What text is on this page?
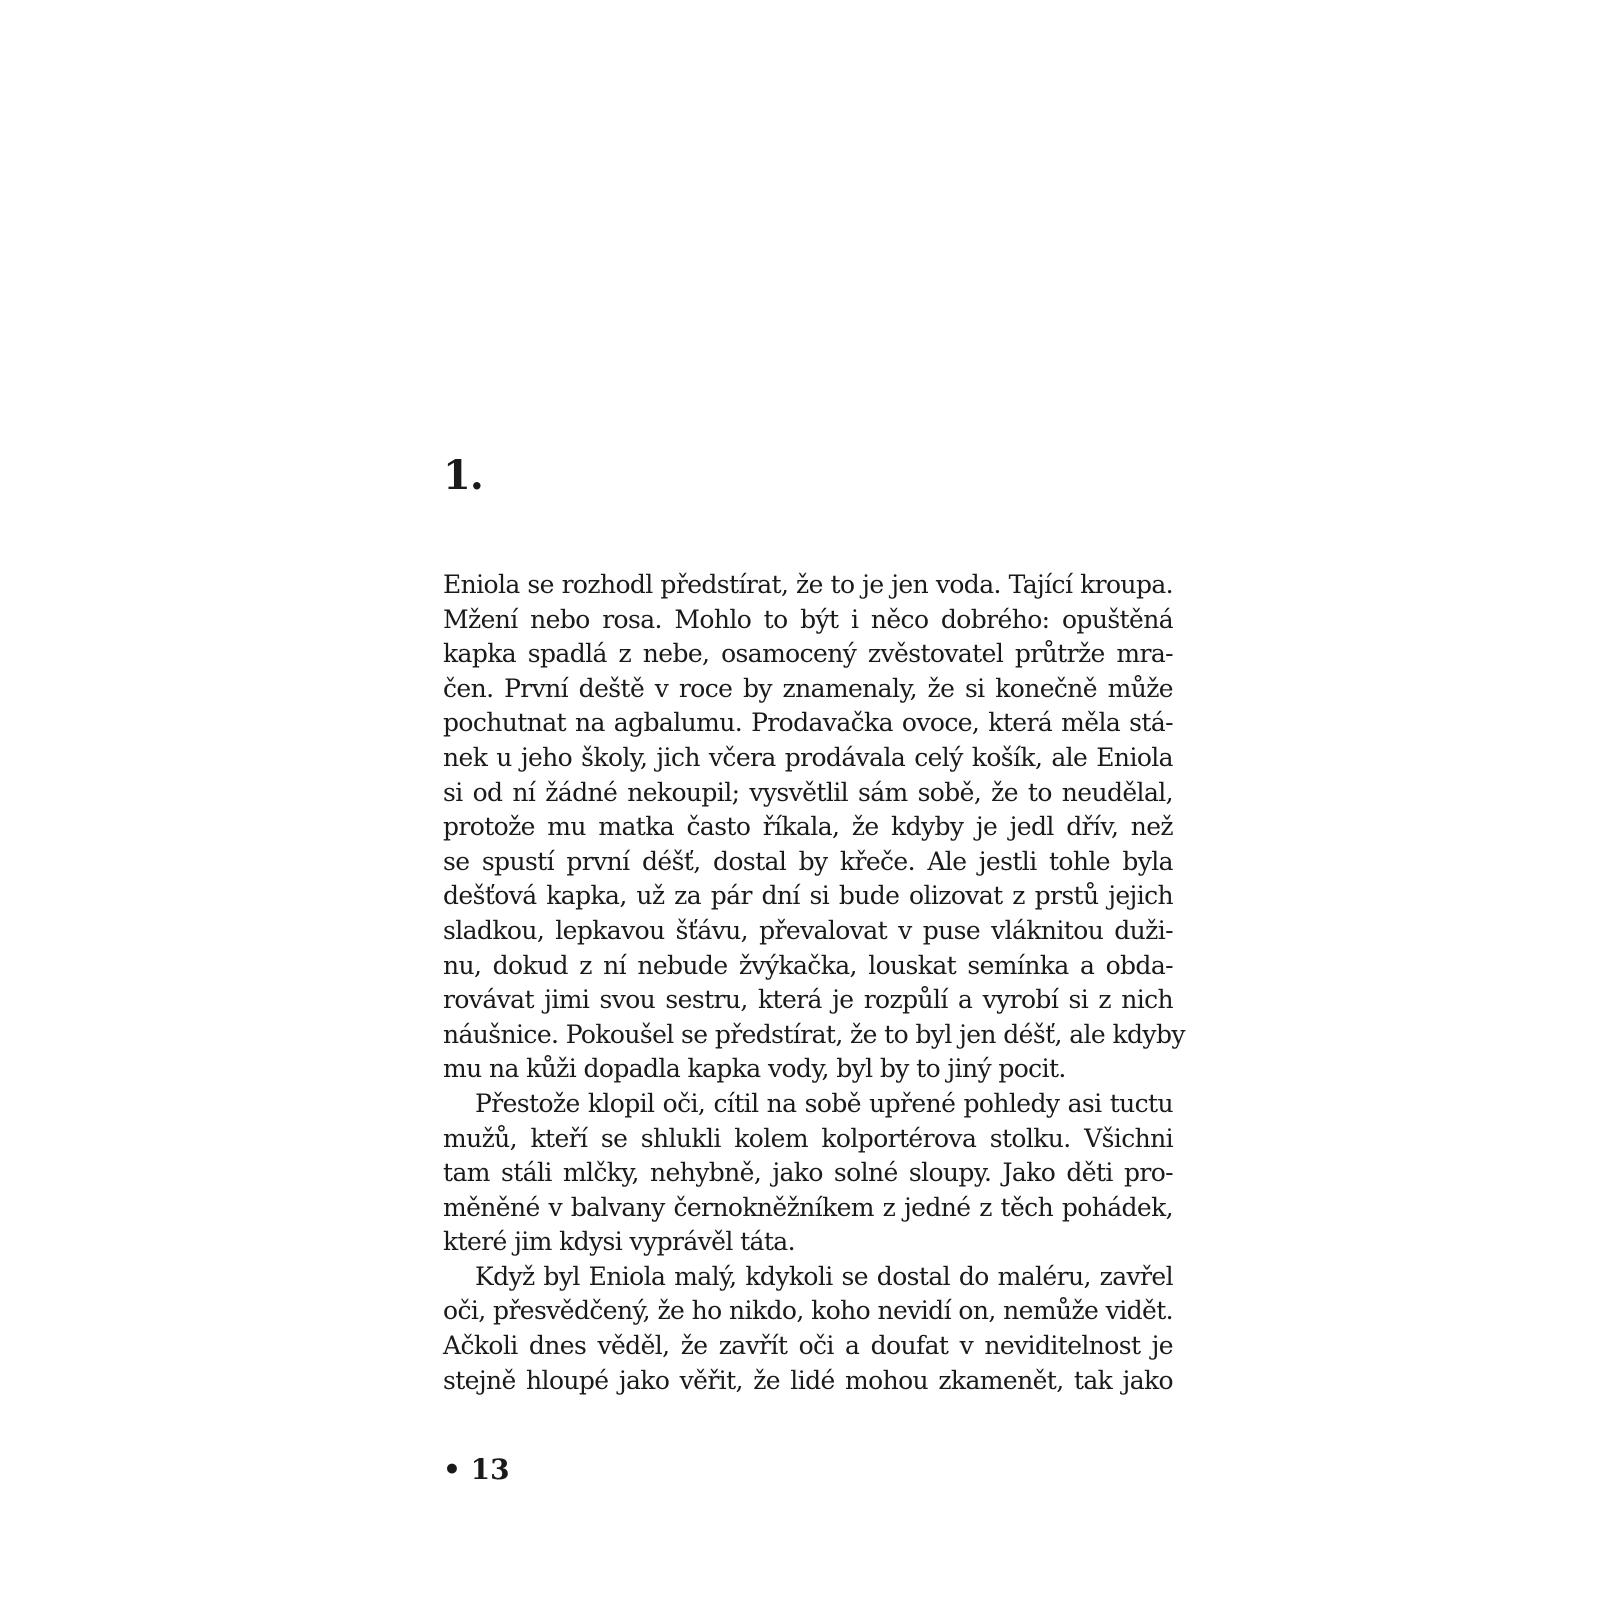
1.
Eniola se rozhodl předstírat, že to je jen voda. Tající kroupa.
Mžení nebo rosa. Mohlo to být i něco dobrého: opuštěná
kapka spadlá z nebe, osamocený zvěstovatel průtrže mra-
čen. První deště v roce by znamenaly, že si konečně může
pochutnat na agbalumu. Prodavačka ovoce, která měla stá-
nek u jeho školy, jich včera prodávala celý košík, ale Eniola
si od ní žádné nekoupil; vysvětlil sám sobě, že to neudělal,
protože mu matka často říkala, že kdyby je jedl dřív, než
se spustí první déšť, dostal by křeče. Ale jestli tohle byla
dešťová kapka, už za pár dní si bude olizovat z prstů jejich
sladkou, lepkavou šťávu, převalovat v puse vláknitou duži-
nu, dokud z ní nebude žvýkačka, louskat semínka a obda-
rovávat jimi svou sestru, která je rozpůlí a vyrobí si z nich
náušnice. Pokoušel se předstírat, že to byl jen déšť, ale kdyby
mu na kůži dopadla kapka vody, byl by to jiný pocit.
Přestože klopil oči, cítil na sobě upřené pohledy asi tuctu
mužů, kteří se shlukli kolem kolportérova stolku. Všichni
tam stáli mlčky, nehybně, jako solné sloupy. Jako děti pro-
měněné v balvany černokněžníkem z jedné z těch pohádek,
které jim kdysi vyprávěl táta.
Když byl Eniola malý, kdykoli se dostal do maléru, zavřel
oči, přesvědčený, že ho nikdo, koho nevidí on, nemůže vidět.
Ačkoli dnes věděl, že zavřít oči a doufat v neviditelnost je
stejně hloupé jako věřit, že lidé mohou zkamenět, tak jako
• 13
